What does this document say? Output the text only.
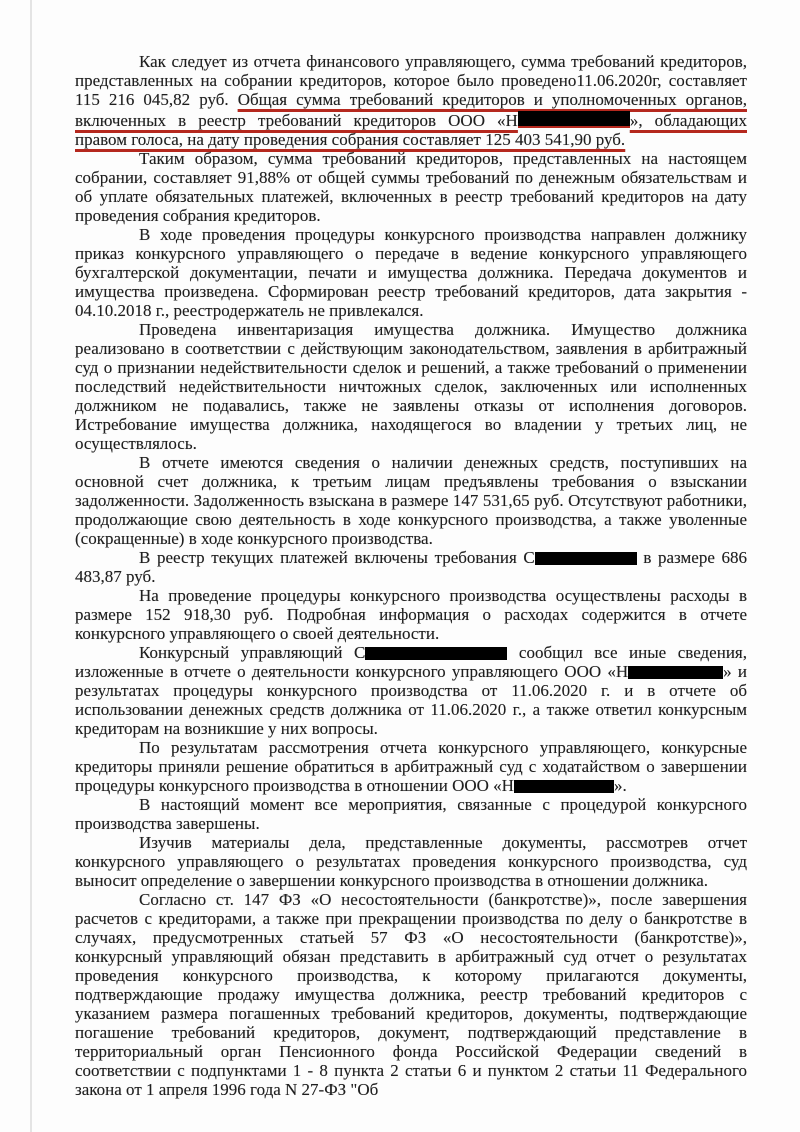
Как следует из отчета финансового управляющего, сумма требований кредиторов, представленных на собрании кредиторов, которое было проведено11.06.2020г, составляет 115 216 045,82 руб. Общая сумма требований кредиторов и уполномоченных органов, включенных в реестр требований кредиторов ООО «Н	», обладающих правом голоса, на дату проведения собрания составляет 125 403 541,90 руб.

Таким образом, сумма требований кредиторов, представленных на настоящем собрании, составляет 91,88% от общей суммы требований по денежным обязательствам и об уплате обязательных платежей, включенных в реестр требований кредиторов на дату проведения собрания кредиторов.

В ходе проведения процедуры конкурсного производства направлен должнику приказ конкурсного управляющего о передаче в ведение конкурсного управляющего бухгалтерской документации, печати и имущества должника. Передача документов и имущества произведена. Сформирован реестр требований кредиторов, дата закрытия - 04.10.2018 г., реестродержатель не привлекался.

Проведена инвентаризация имущества должника. Имущество должника реализовано в соответствии с действующим законодательством, заявления в арбитражный суд о признании недействительности сделок и решений, а также требований о применении последствий недействительности ничтожных сделок, заключенных или исполненных должником не подавались, также не заявлены отказы от исполнения договоров. Истребование имущества должника, находящегося во владении у третьих лиц, не осуществлялось.

В отчете имеются сведения о наличии денежных средств, поступивших на основной счет должника, к третьим лицам предъявлены требования о взыскании задолженности. Задолженность взыскана в размере 147 531,65 руб. Отсутствуют работники, продолжающие свою деятельность в ходе конкурсного производства, а также уволенные (сокращенные) в ходе конкурсного производства.

В реестр текущих платежей включены требования С	в размере 686 483,87 руб.

На проведение процедуры конкурсного производства осуществлены расходы в размере 152 918,30 руб. Подробная информация о расходах содержится в отчете конкурсного управляющего о своей деятельности.

Конкурсный управляющий С	сообщил все иные сведения, изложенные в отчете о деятельности конкурсного управляющего ООО «Н	» и результатах процедуры конкурсного производства от 11.06.2020 г. и в отчете об использовании денежных средств должника от 11.06.2020 г., а также ответил конкурсным кредиторам на возникшие у них вопросы.

По результатам рассмотрения отчета конкурсного управляющего, конкурсные кредиторы приняли решение обратиться в арбитражный суд с ходатайством о завершении процедуры конкурсного производства в отношении ООО «Н	».

В настоящий момент все мероприятия, связанные с процедурой конкурсного производства завершены.

Изучив материалы дела, представленные документы, рассмотрев отчет конкурсного управляющего о результатах проведения конкурсного производства, суд выносит определение о завершении конкурсного производства в отношении должника.

Согласно ст. 147 ФЗ «О несостоятельности (банкротстве)», после завершения расчетов с кредиторами, а также при прекращении производства по делу о банкротстве в случаях, предусмотренных статьей 57 ФЗ «О несостоятельности (банкротстве)», конкурсный управляющий обязан представить в арбитражный суд отчет о результатах проведения конкурсного производства, к которому прилагаются документы, подтверждающие продажу имущества должника, реестр требований кредиторов с указанием размера погашенных требований кредиторов, документы, подтверждающие погашение требований кредиторов, документ, подтверждающий представление в территориальный орган Пенсионного фонда Российской Федерации сведений в соответствии с подпунктами 1 - 8 пункта 2 статьи 6 и пунктом 2 статьи 11 Федерального закона от 1 апреля 1996 года N 27-ФЗ "Об
